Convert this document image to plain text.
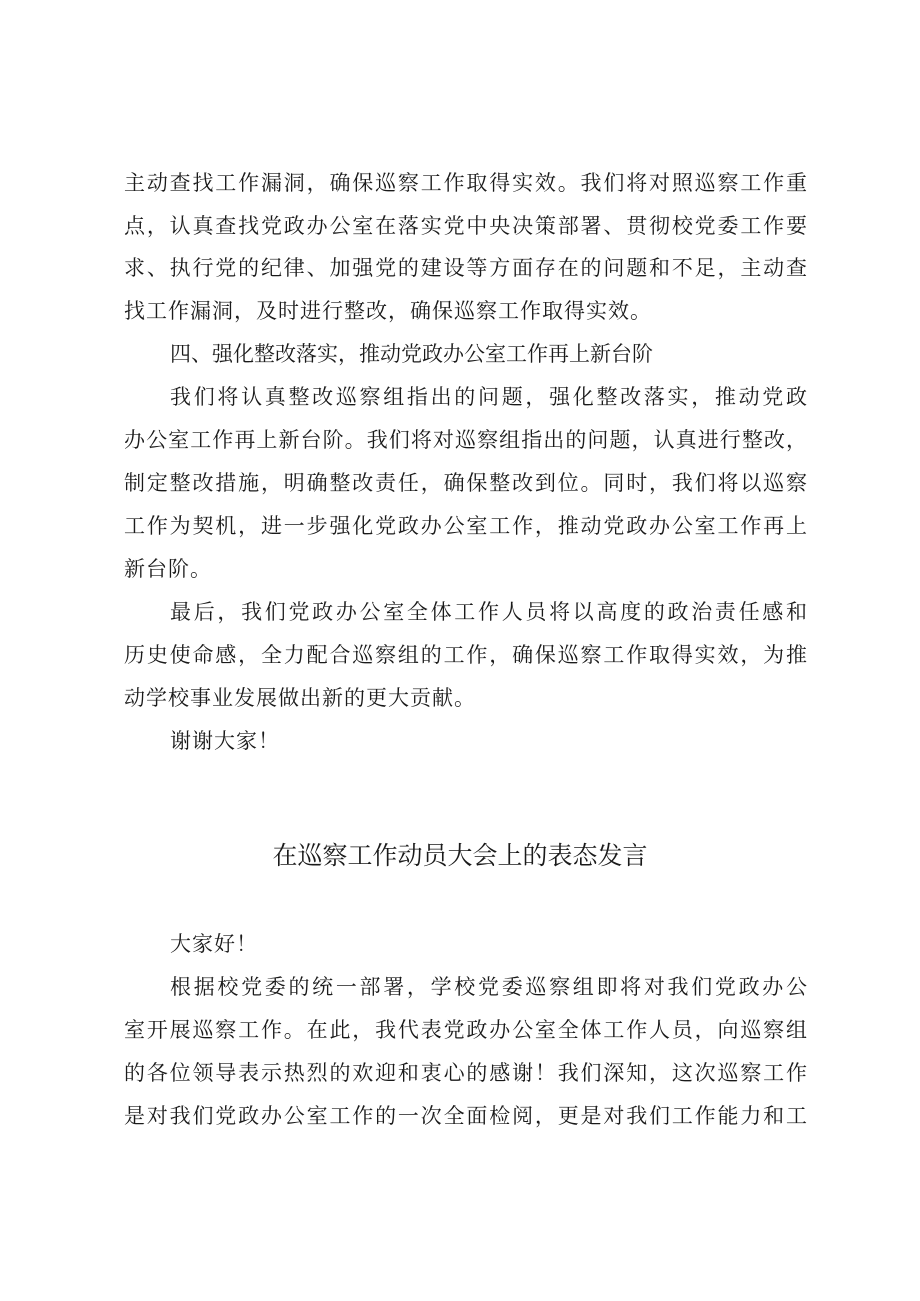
主动查找工作漏洞，确保巡察工作取得实效。我们将对照巡察工作重
点，认真查找党政办公室在落实党中央决策部署、贯彻校党委工作要
求、执行党的纪律、加强党的建设等方面存在的问题和不足，主动查
找工作漏洞，及时进行整改，确保巡察工作取得实效。
四、强化整改落实，推动党政办公室工作再上新台阶
我们将认真整改巡察组指出的问题，强化整改落实，推动党政
办公室工作再上新台阶。我们将对巡察组指出的问题，认真进行整改，
制定整改措施，明确整改责任，确保整改到位。同时，我们将以巡察
工作为契机，进一步强化党政办公室工作，推动党政办公室工作再上
新台阶。
最后，我们党政办公室全体工作人员将以高度的政治责任感和
历史使命感，全力配合巡察组的工作，确保巡察工作取得实效，为推
动学校事业发展做出新的更大贡献。
谢谢大家！
在巡察工作动员大会上的表态发言
大家好！
根据校党委的统一部署，学校党委巡察组即将对我们党政办公
室开展巡察工作。在此，我代表党政办公室全体工作人员，向巡察组
的各位领导表示热烈的欢迎和衷心的感谢！我们深知，这次巡察工作
是对我们党政办公室工作的一次全面检阅，更是对我们工作能力和工
